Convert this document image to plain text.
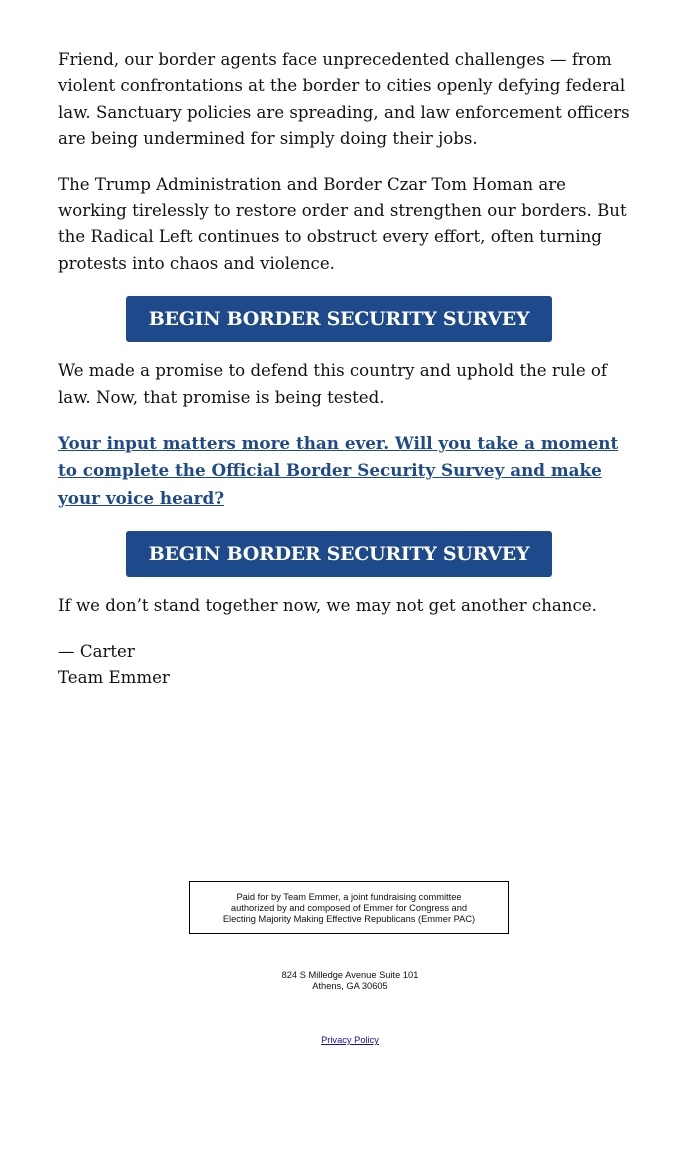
Friend, our border agents face unprecedented challenges — from violent confrontations at the border to cities openly defying federal law. Sanctuary policies are spreading, and law enforcement officers are being undermined for simply doing their jobs.

The Trump Administration and Border Czar Tom Homan are working tirelessly to restore order and strengthen our borders. But the Radical Left continues to obstruct every effort, often turning protests into chaos and violence.

BEGIN BORDER SECURITY SURVEY

We made a promise to defend this country and uphold the rule of law. Now, that promise is being tested.

Your input matters more than ever. Will you take a moment to complete the Official Border Security Survey and make your voice heard?

BEGIN BORDER SECURITY SURVEY

If we don’t stand together now, we may not get another chance.

— Carter
Team Emmer
Paid for by Team Emmer, a joint fundraising committee
authorized by and composed of Emmer for Congress and
Electing Majority Making Effective Republicans (Emmer PAC)
824 S Milledge Avenue Suite 101
Athens, GA 30605
Privacy Policy
